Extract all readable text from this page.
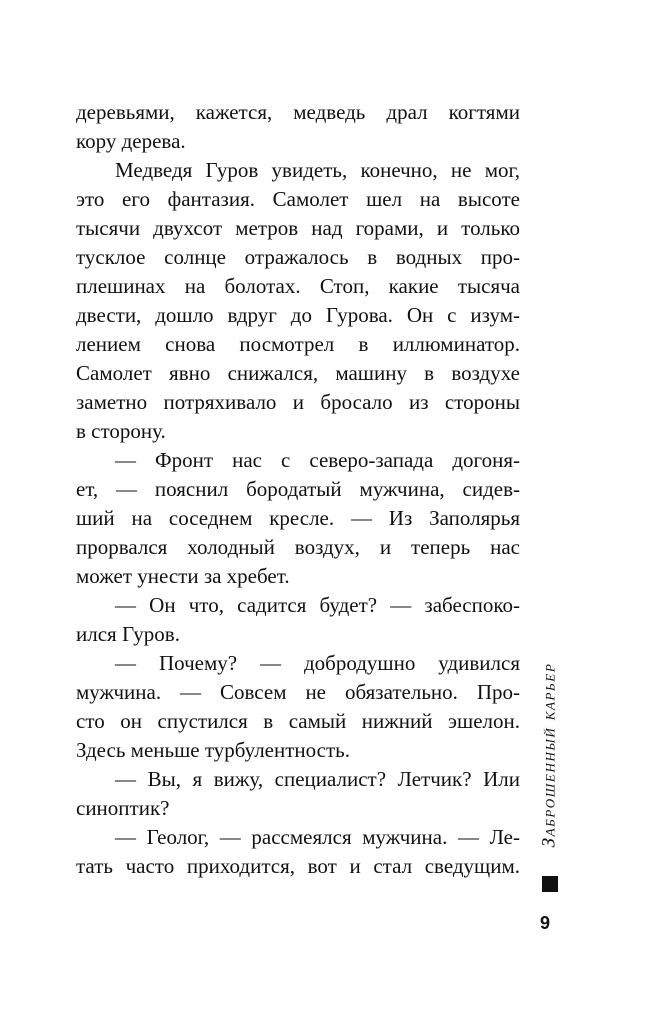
деревьями, кажется, медведь драл когтями
кору дерева.
Медведя Гуров увидеть, конечно, не мог,
это его фантазия. Самолет шел на высоте
тысячи двухсот метров над горами, и только
тусклое солнце отражалось в водных про-
плешинах на болотах. Стоп, какие тысяча
двести, дошло вдруг до Гурова. Он с изум-
лением снова посмотрел в иллюминатор.
Самолет явно снижался, машину в воздухе
заметно потряхивало и бросало из стороны
в сторону.
— Фронт нас с северо-запада догоня-
ет, — пояснил бородатый мужчина, сидев-
ший на соседнем кресле. — Из Заполярья
прорвался холодный воздух, и теперь нас
может унести за хребет.
— Он что, садится будет? — забеспоко-
ился Гуров.
— Почему? — добродушно удивился
мужчина. — Совсем не обязательно. Про-
сто он спустился в самый нижний эшелон.
Здесь меньше турбулентность.
— Вы, я вижу, специалист? Летчик? Или
синоптик?
— Геолог, — рассмеялся мужчина. — Ле-
тать часто приходится, вот и стал сведущим.
Заброшенный карьер
9
